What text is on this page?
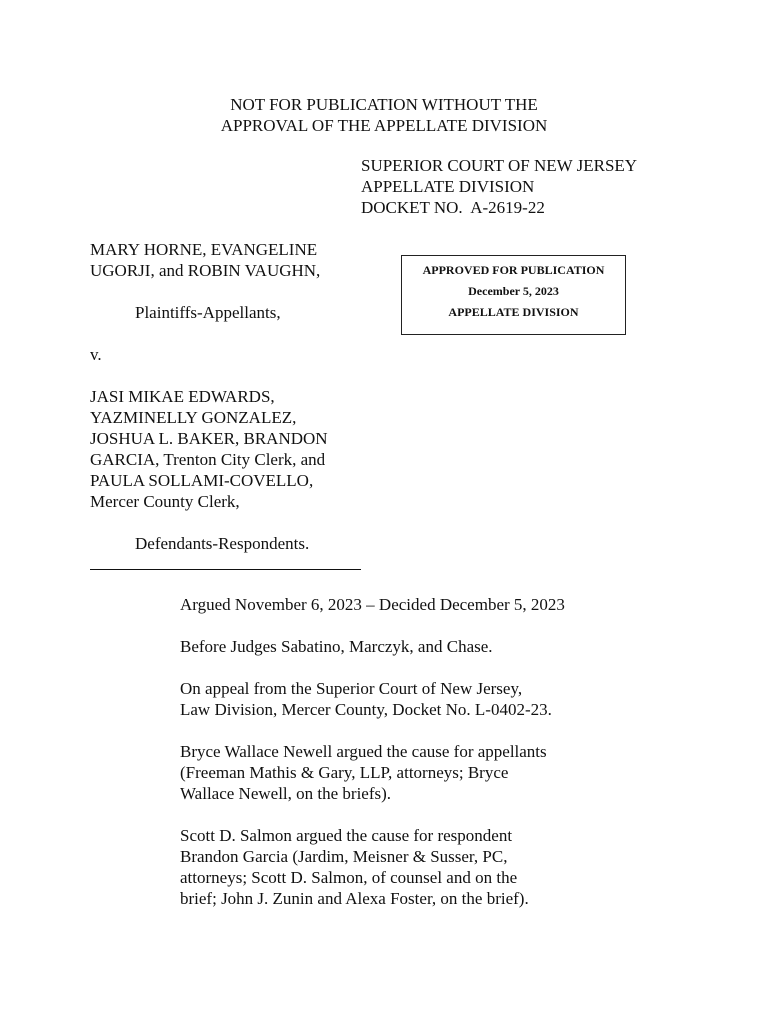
NOT FOR PUBLICATION WITHOUT THE
APPROVAL OF THE APPELLATE DIVISION
SUPERIOR COURT OF NEW JERSEY
APPELLATE DIVISION
DOCKET NO.  A-2619-22
APPROVED FOR PUBLICATION
December 5, 2023
APPELLATE DIVISION
MARY HORNE, EVANGELINE
UGORJI, and ROBIN VAUGHN,
Plaintiffs-Appellants,
v.
JASI MIKAE EDWARDS,
YAZMINELLY GONZALEZ,
JOSHUA L. BAKER, BRANDON
GARCIA, Trenton City Clerk, and
PAULA SOLLAMI-COVELLO,
Mercer County Clerk,
Defendants-Respondents.
Argued November 6, 2023 – Decided December 5, 2023
Before Judges Sabatino, Marczyk, and Chase.
On appeal from the Superior Court of New Jersey,
Law Division, Mercer County, Docket No. L-0402-23.
Bryce Wallace Newell argued the cause for appellants
(Freeman Mathis & Gary, LLP, attorneys; Bryce
Wallace Newell, on the briefs).
Scott D. Salmon argued the cause for respondent
Brandon Garcia (Jardim, Meisner & Susser, PC,
attorneys; Scott D. Salmon, of counsel and on the
brief; John J. Zunin and Alexa Foster, on the brief).
